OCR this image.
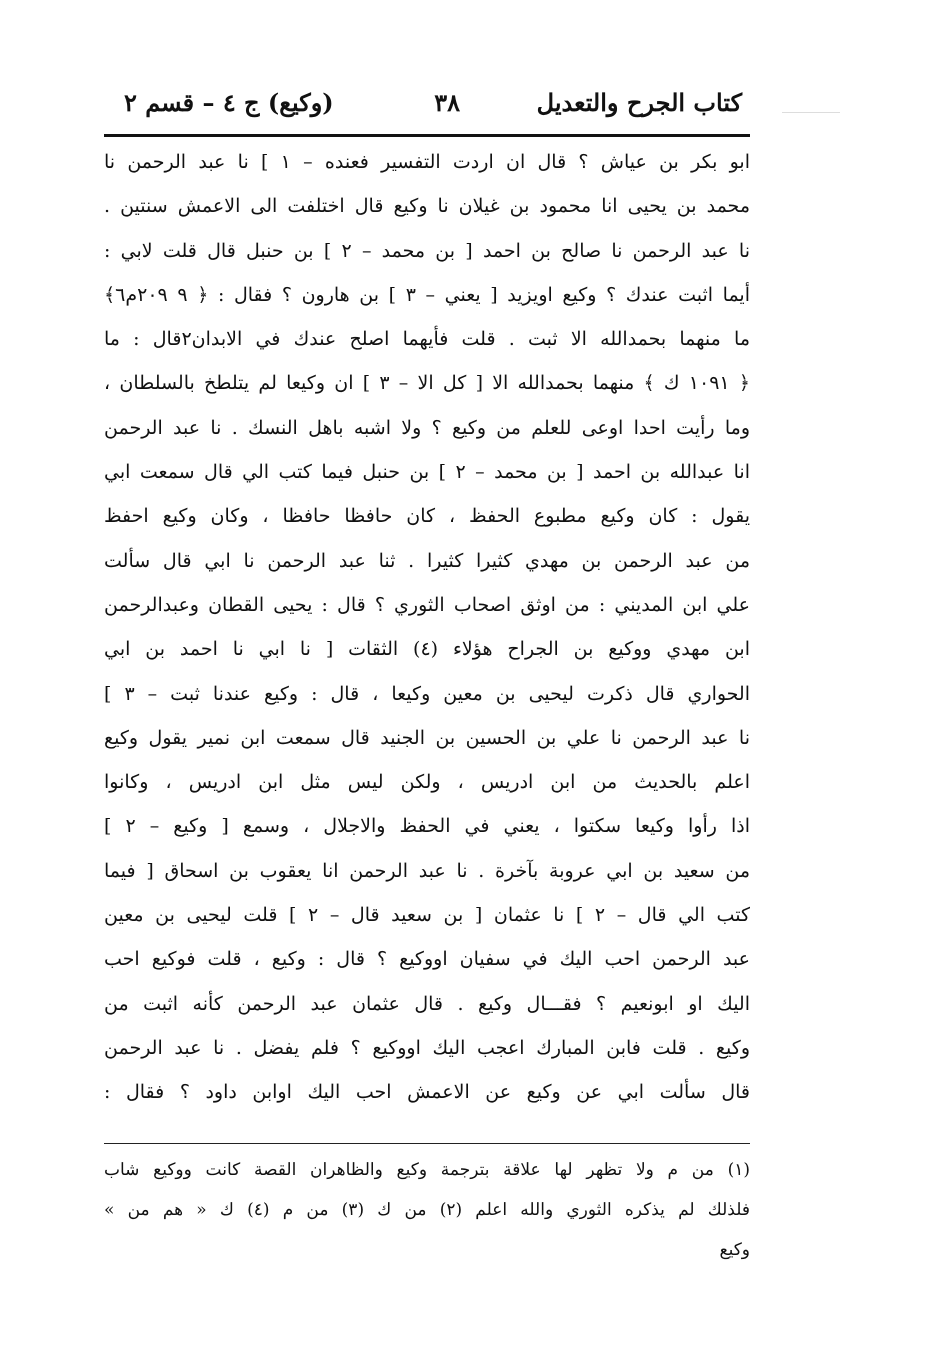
كتاب الجرح والتعديل
٣٨
(وكيع) ج ٤ – قسم ٢
ابو بكر بن عياش ؟ قال ان اردت التفسير فعنده – ١ ] نا عبد الرحمن نا
محمد بن يحيى انا محمود بن غيلان نا وكيع قال اختلفت الى الاعمش سنتين .
نا عبد الرحمن نا صالح بن احمد [ بن محمد – ٢ ] بن حنبل قال قلت لابي :
أيما اثبت عندك ؟ وكيع اويزيد [ يعني – ٣ ] بن هارون ؟ فقال : ﴿ ٩ ٢٠٩م٦﴾
ما منهما بحمدالله الا ثبت . قلت فأيهما اصلح عندك في الابدان٢قال : ما
﴿ ١٠٩١ ك ﴾ منهما بحمدالله الا [ كل الا – ٣ ] ان وكيعا لم يتلطخ بالسلطان ،
وما رأيت احدا اوعى للعلم من وكيع ؟ ولا اشبه باهل النسك . نا عبد الرحمن
انا عبدالله بن احمد [ بن محمد – ٢ ] بن حنبل فيما كتب الي قال سمعت ابي
يقول : كان وكيع مطبوع الحفظ ، كان حافظا حافظا ، وكان وكيع احفظ
من عبد الرحمن بن مهدي كثيرا كثيرا . ثنا عبد الرحمن نا ابي قال سألت
علي ابن المديني : من اوثق اصحاب الثوري ؟ قال : يحيى القطان وعبدالرحمن
ابن مهدي ووكيع بن الجراح هؤلاء (٤) الثقات [ نا ابي نا احمد بن ابي
الحواري قال ذكرت ليحيى بن معين وكيعا ، قال : وكيع عندنا ثبت – ٣ ]
نا عبد الرحمن نا علي بن الحسين بن الجنيد قال سمعت ابن نمير يقول وكيع
اعلم بالحديث من ابن ادريس ، ولكن ليس مثل ابن ادريس ، وكانوا
اذا رأوا وكيعا سكتوا ، يعني في الحفظ والاجلال ، وسمع [ وكيع – ٢ ]
من سعيد بن ابي عروبة بآخرة . نا عبد الرحمن انا يعقوب بن اسحاق [ فيما
كتب الي قال – ٢ ] نا عثمان [ بن سعيد قال – ٢ ] قلت ليحيى بن معين
عبد الرحمن احب اليك في سفيان اووكيع ؟ قال : وكيع ، قلت فوكيع احب
اليك او ابونعيم ؟ فقـــال وكيع . قال عثمان عبد الرحمن كأنه اثبت من
وكيع . قلت فابن المبارك اعجب اليك اووكيع ؟ فلم يفضل . نا عبد الرحمن
قال سألت ابي عن وكيع عن الاعمش احب اليك اوابن داود ؟ فقال :
(١) من م ولا تظهر لها علاقة بترجمة وكيع والظاهران القصة كانت ووكيع شاب
فلذلك لم يذكره الثوري والله اعلم (٢) من ك (٣) من م (٤) ك « هم من »
وكيع
